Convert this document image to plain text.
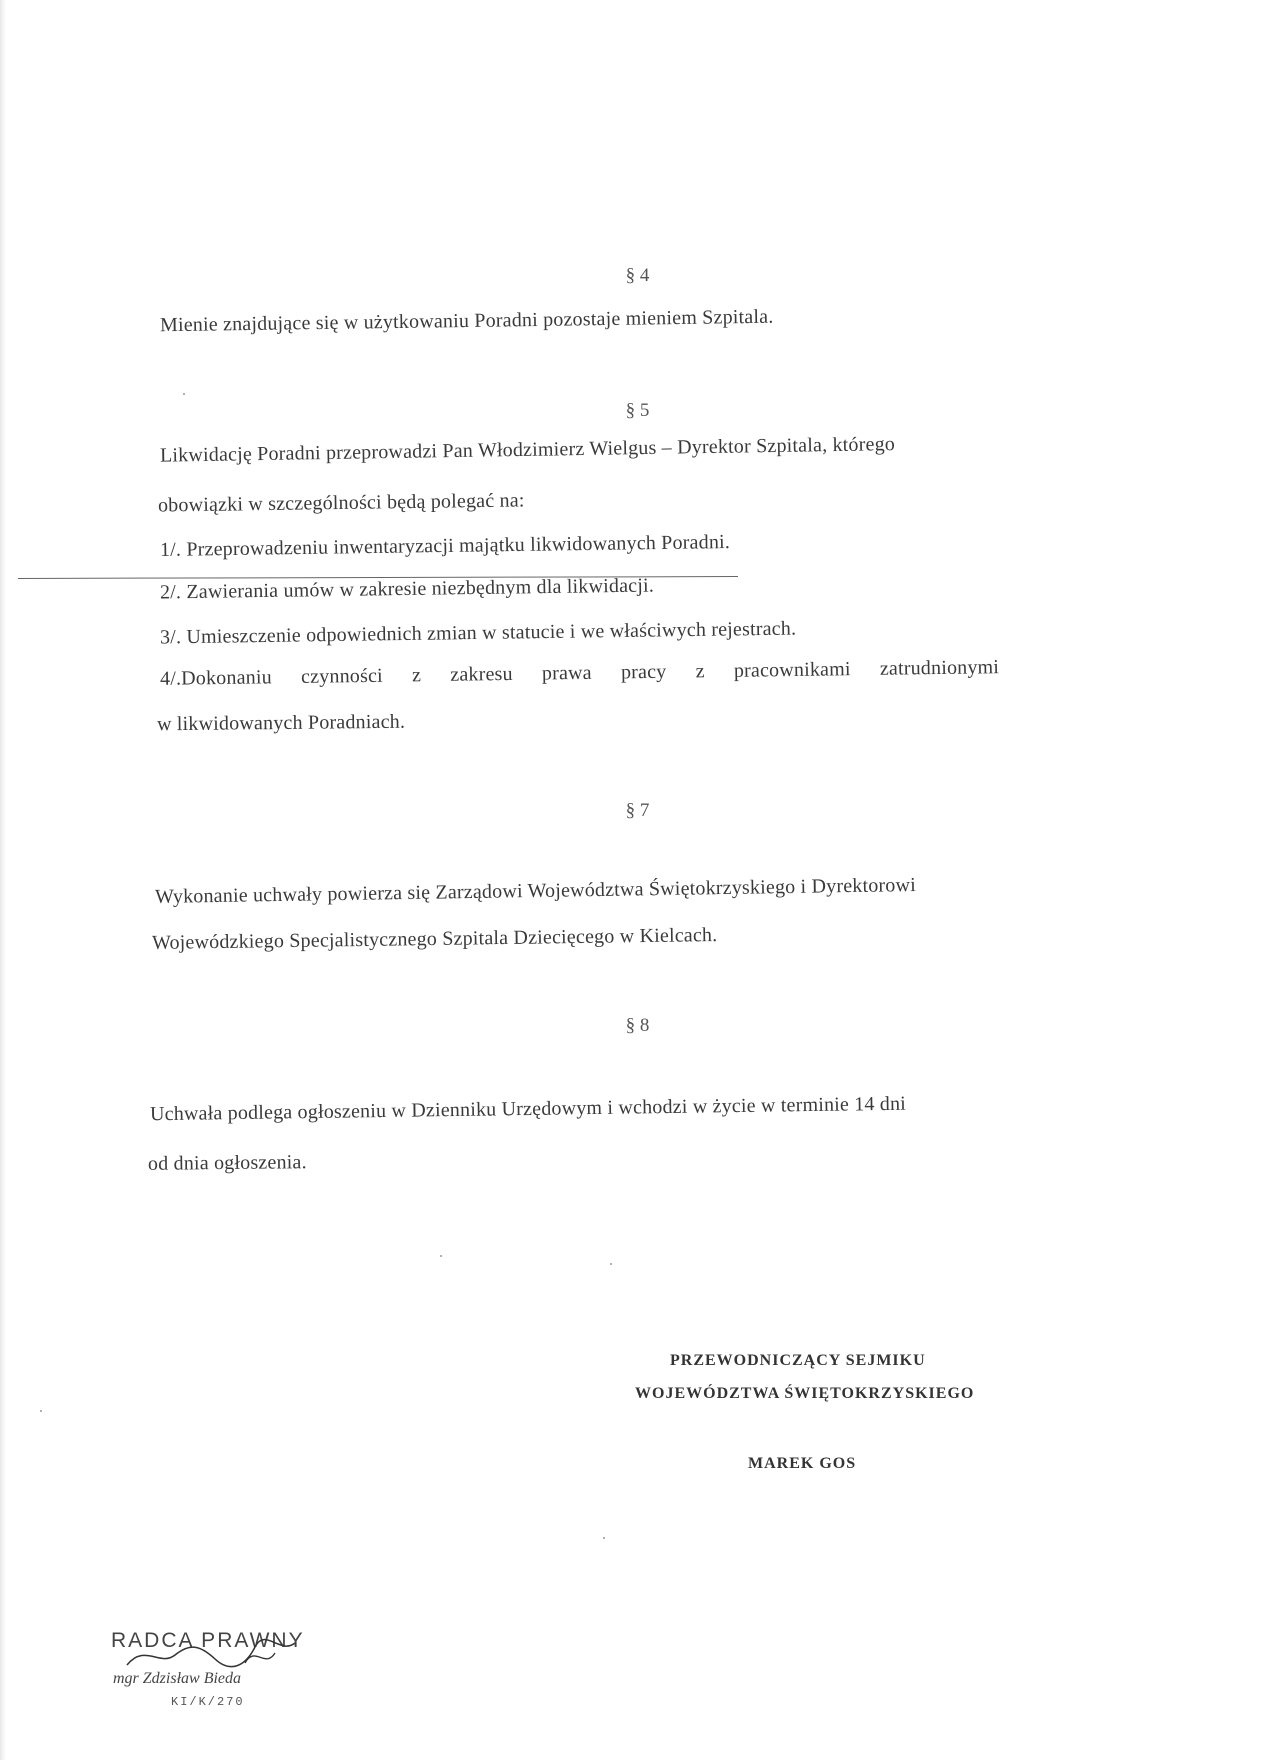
§ 4
Mienie znajdujące się w użytkowaniu Poradni pozostaje mieniem Szpitala.
§ 5
Likwidację Poradni przeprowadzi Pan Włodzimierz Wielgus – Dyrektor Szpitala, którego
obowiązki w szczególności będą polegać na:
1/. Przeprowadzeniu inwentaryzacji majątku likwidowanych Poradni.
2/. Zawierania umów w zakresie niezbędnym dla likwidacji.
3/. Umieszczenie odpowiednich zmian w statucie i we właściwych rejestrach.
4/.Dokonaniu czynności z zakresu prawa pracy z pracownikami zatrudnionymi
w likwidowanych Poradniach.
§ 7
Wykonanie uchwały powierza się Zarządowi Województwa Świętokrzyskiego i Dyrektorowi
Wojewódzkiego Specjalistycznego Szpitala Dziecięcego w Kielcach.
§ 8
Uchwała podlega ogłoszeniu w Dzienniku Urzędowym i wchodzi w życie w terminie 14 dni
od dnia ogłoszenia.
PRZEWODNICZĄCY SEJMIKU
WOJEWÓDZTWA ŚWIĘTOKRZYSKIEGO
MAREK GOS
RADCA PRAWNY
mgr Zdzisław Bieda
KI/K/270
